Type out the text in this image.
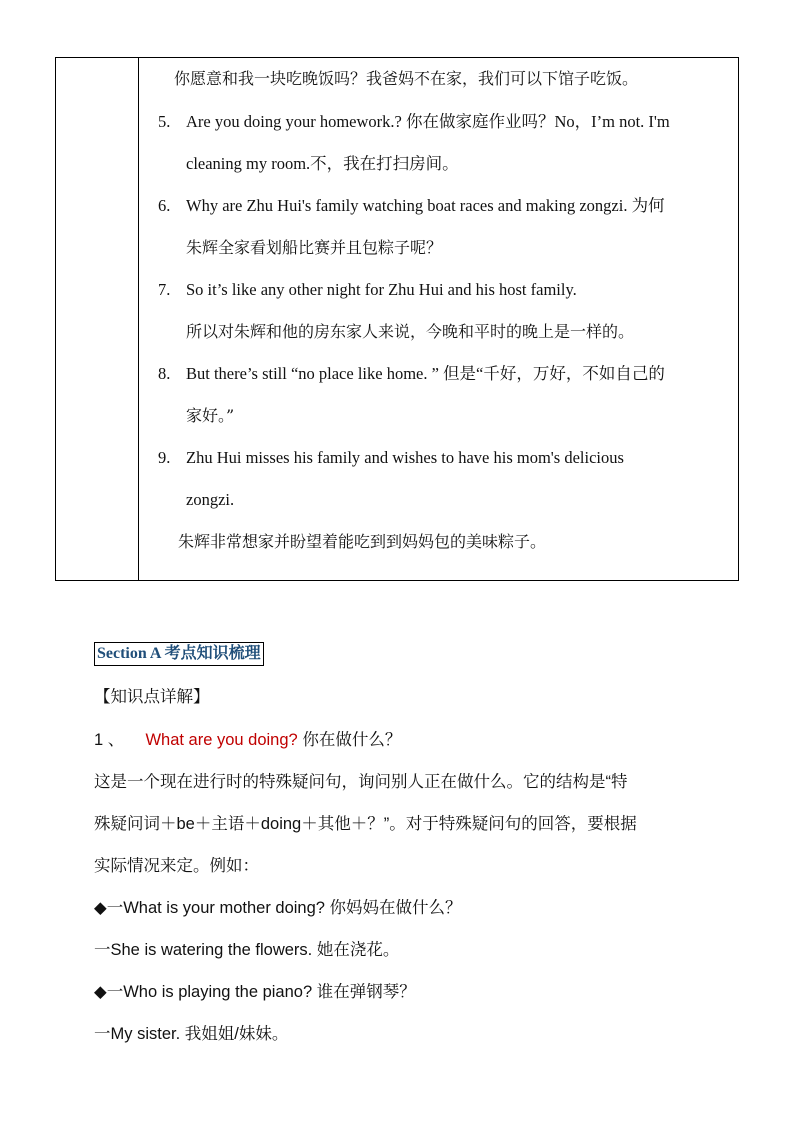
你愿意和我一块吃晚饭吗？我爸妈不在家，我们可以下馆子吃饭。
5. Are you doing your homework.? 你在做家庭作业吗？No，I’m not. I'm
cleaning my room.不，我在打扫房间。
6. Why are Zhu Hui's family watching boat races and making zongzi. 为何
朱辉全家看划船比赛并且包粽子呢？
7. So it’s like any other night for Zhu Hui and his host family.
所以对朱辉和他的房东家人来说，今晚和平时的晚上是一样的。
8. But there’s still “no place like home. ” 但是“千好，万好，不如自己的
家好。”
9. Zhu Hui misses his family and wishes to have his mom's delicious
zongzi.
朱辉非常想家并盼望着能吃到到妈妈包的美味粽子。
Section A 考点知识梳理
【知识点详解】
1 、 What are you doing? 你在做什么？
这是一个现在进行时的特殊疑问句，询问别人正在做什么。它的结构是“特
殊疑问词＋be＋主语＋doing＋其他＋？”。对于特殊疑问句的回答，要根据
实际情况来定。例如：
◆一What is your mother doing? 你妈妈在做什么？
一She is watering the flowers. 她在浇花。
◆一Who is playing the piano? 谁在弹钢琴？
一My sister. 我姐姐/妹妹。
